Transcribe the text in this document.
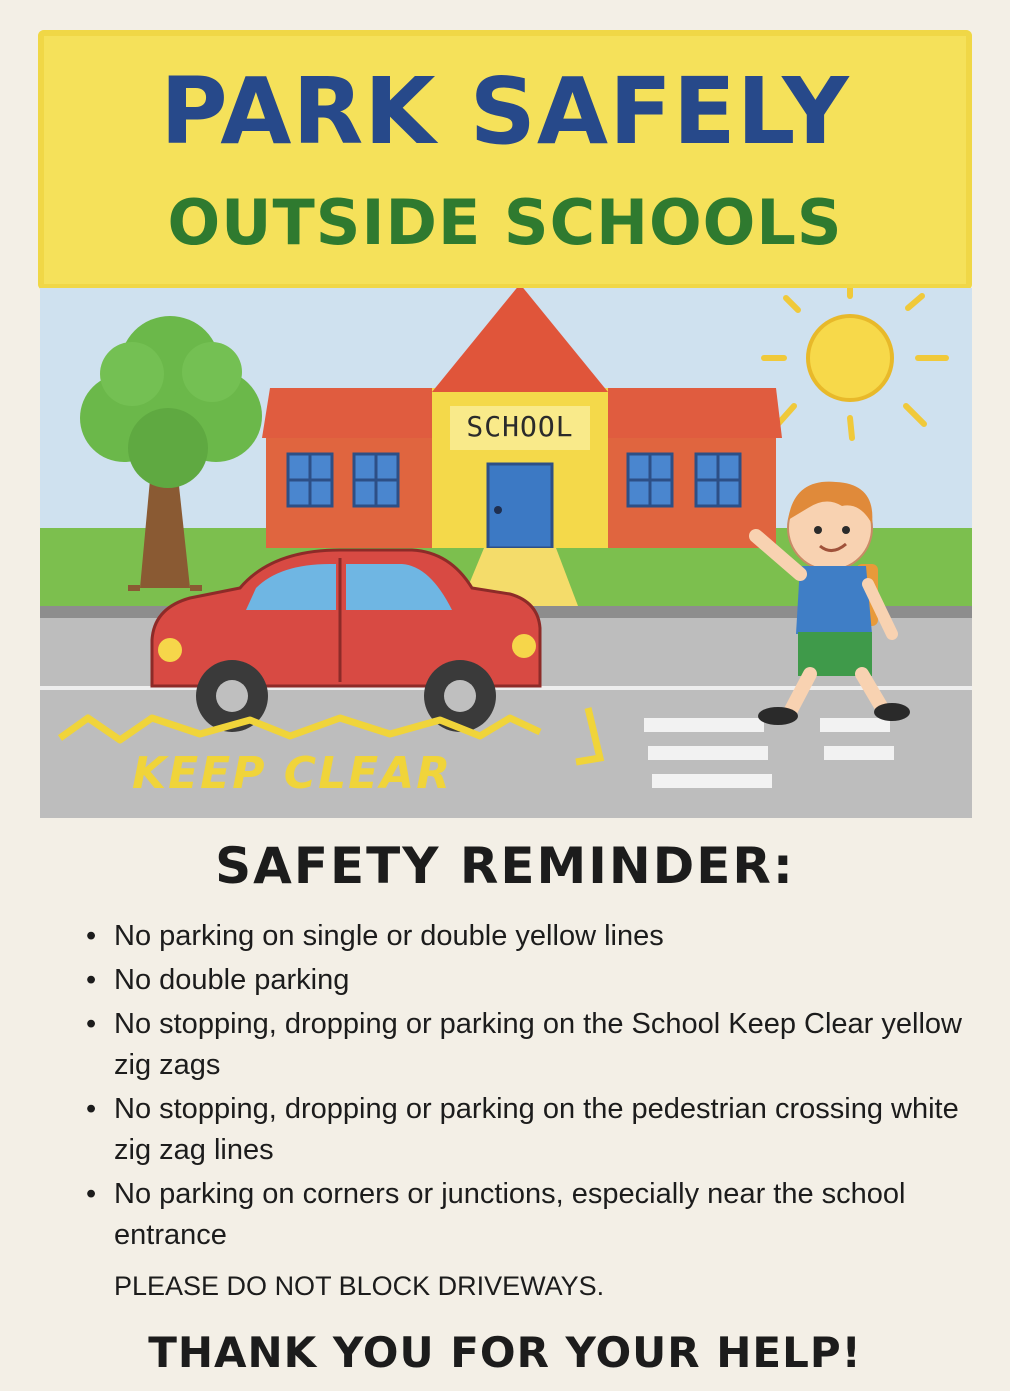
PARK SAFELY
OUTSIDE SCHOOLS
SCHOOL
KEEP CLEAR
SAFETY REMINDER:
• No parking on single or double yellow lines
• No double parking
• No stopping, dropping or parking on the School Keep Clear yellow zig zags
• No stopping, dropping or parking on the pedestrian crossing white zig zag lines
• No parking on corners or junctions, especially near the school entrance
PLEASE DO NOT BLOCK DRIVEWAYS.
THANK YOU FOR YOUR HELP!
